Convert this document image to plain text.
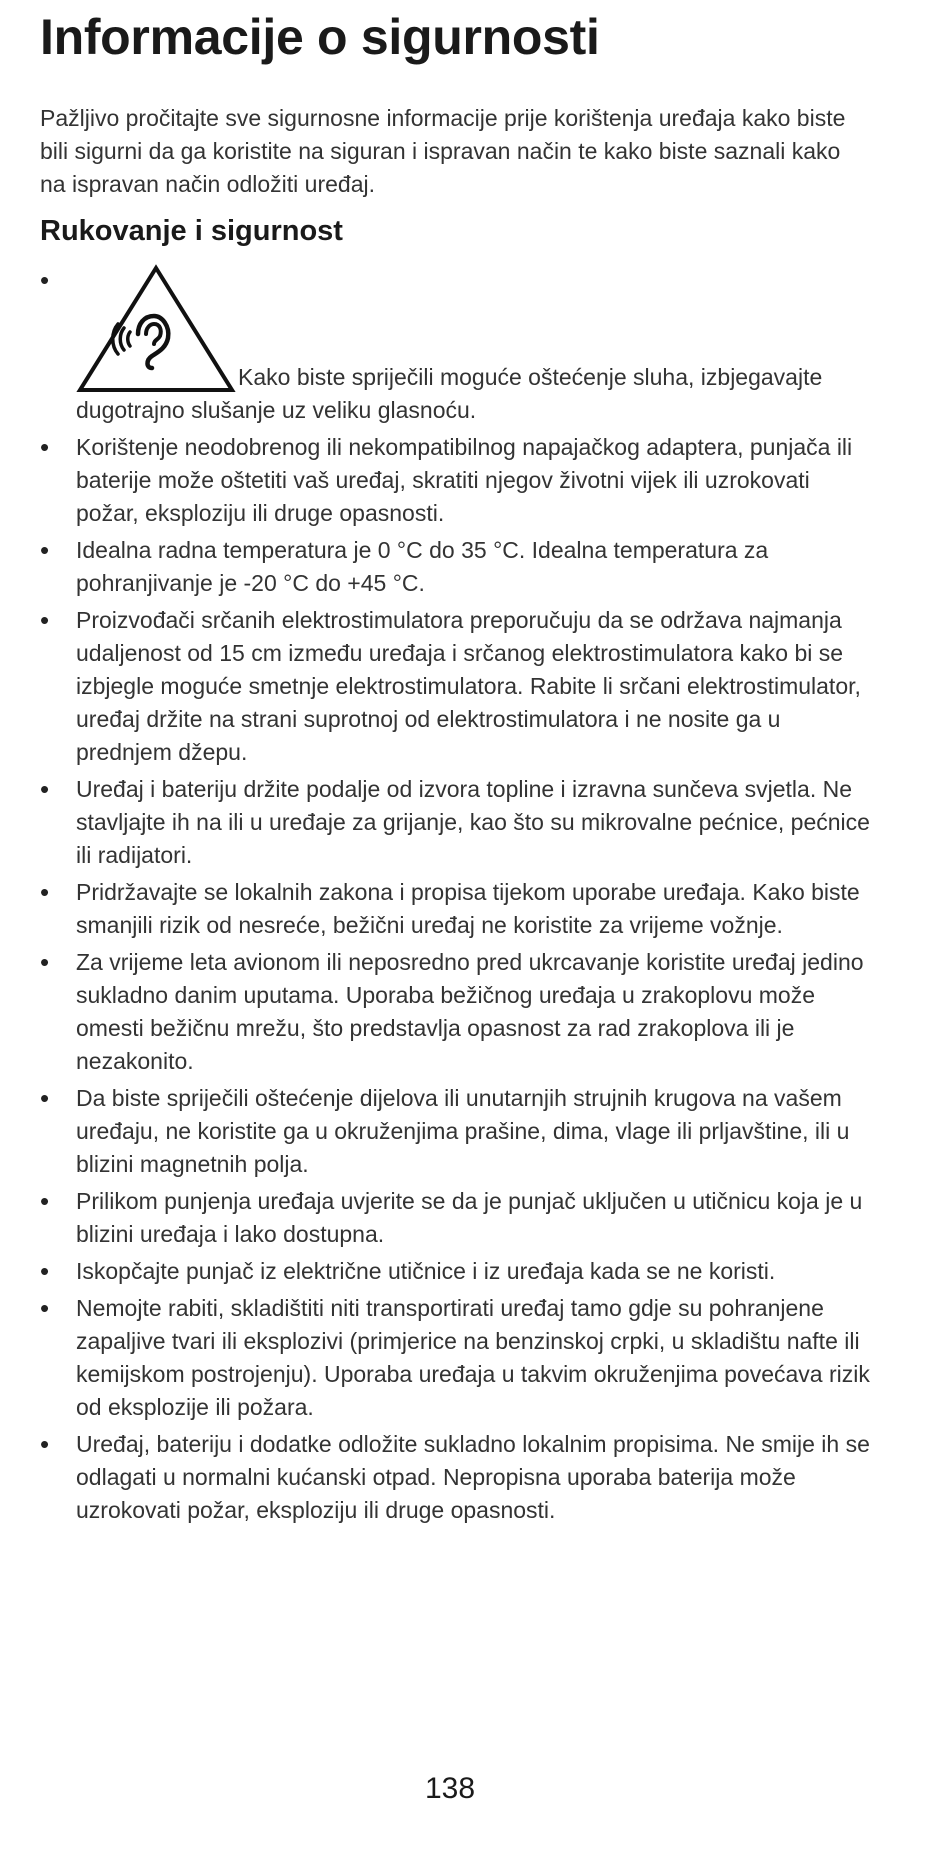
Informacije o sigurnosti

Pažljivo pročitajte sve sigurnosne informacije prije korištenja uređaja kako biste bili sigurni da ga koristite na siguran i ispravan način te kako biste saznali kako na ispravan način odložiti uređaj.

Rukovanje i sigurnost
•
Kako biste spriječili moguće oštećenje sluha, izbjegavajte dugotrajno slušanje uz veliku glasnoću.
• Korištenje neodobrenog ili nekompatibilnog napajačkog adaptera, punjača ili baterije može oštetiti vaš uređaj, skratiti njegov životni vijek ili uzrokovati požar, eksploziju ili druge opasnosti.
• Idealna radna temperatura je 0 °C do 35 °C. Idealna temperatura za pohranjivanje je -20 °C do +45 °C.
• Proizvođači srčanih elektrostimulatora preporučuju da se održava najmanja udaljenost od 15 cm između uređaja i srčanog elektrostimulatora kako bi se izbjegle moguće smetnje elektrostimulatora. Rabite li srčani elektrostimulator, uređaj držite na strani suprotnoj od elektrostimulatora i ne nosite ga u prednjem džepu.
• Uređaj i bateriju držite podalje od izvora topline i izravna sunčeva svjetla. Ne stavljajte ih na ili u uređaje za grijanje, kao što su mikrovalne pećnice, pećnice ili radijatori.
• Pridržavajte se lokalnih zakona i propisa tijekom uporabe uređaja. Kako biste smanjili rizik od nesreće, bežični uređaj ne koristite za vrijeme vožnje.
• Za vrijeme leta avionom ili neposredno pred ukrcavanje koristite uređaj jedino sukladno danim uputama. Uporaba bežičnog uređaja u zrakoplovu može omesti bežičnu mrežu, što predstavlja opasnost za rad zrakoplova ili je nezakonito.
• Da biste spriječili oštećenje dijelova ili unutarnjih strujnih krugova na vašem uređaju, ne koristite ga u okruženjima prašine, dima, vlage ili prljavštine, ili u blizini magnetnih polja.
• Prilikom punjenja uređaja uvjerite se da je punjač uključen u utičnicu koja je u blizini uređaja i lako dostupna.
• Iskopčajte punjač iz električne utičnice i iz uređaja kada se ne koristi.
• Nemojte rabiti, skladištiti niti transportirati uređaj tamo gdje su pohranjene zapaljive tvari ili eksplozivi (primjerice na benzinskoj crpki, u skladištu nafte ili kemijskom postrojenju). Uporaba uređaja u takvim okruženjima povećava rizik od eksplozije ili požara.
• Uređaj, bateriju i dodatke odložite sukladno lokalnim propisima. Ne smije ih se odlagati u normalni kućanski otpad. Nepropisna uporaba baterija može uzrokovati požar, eksploziju ili druge opasnosti.
138
